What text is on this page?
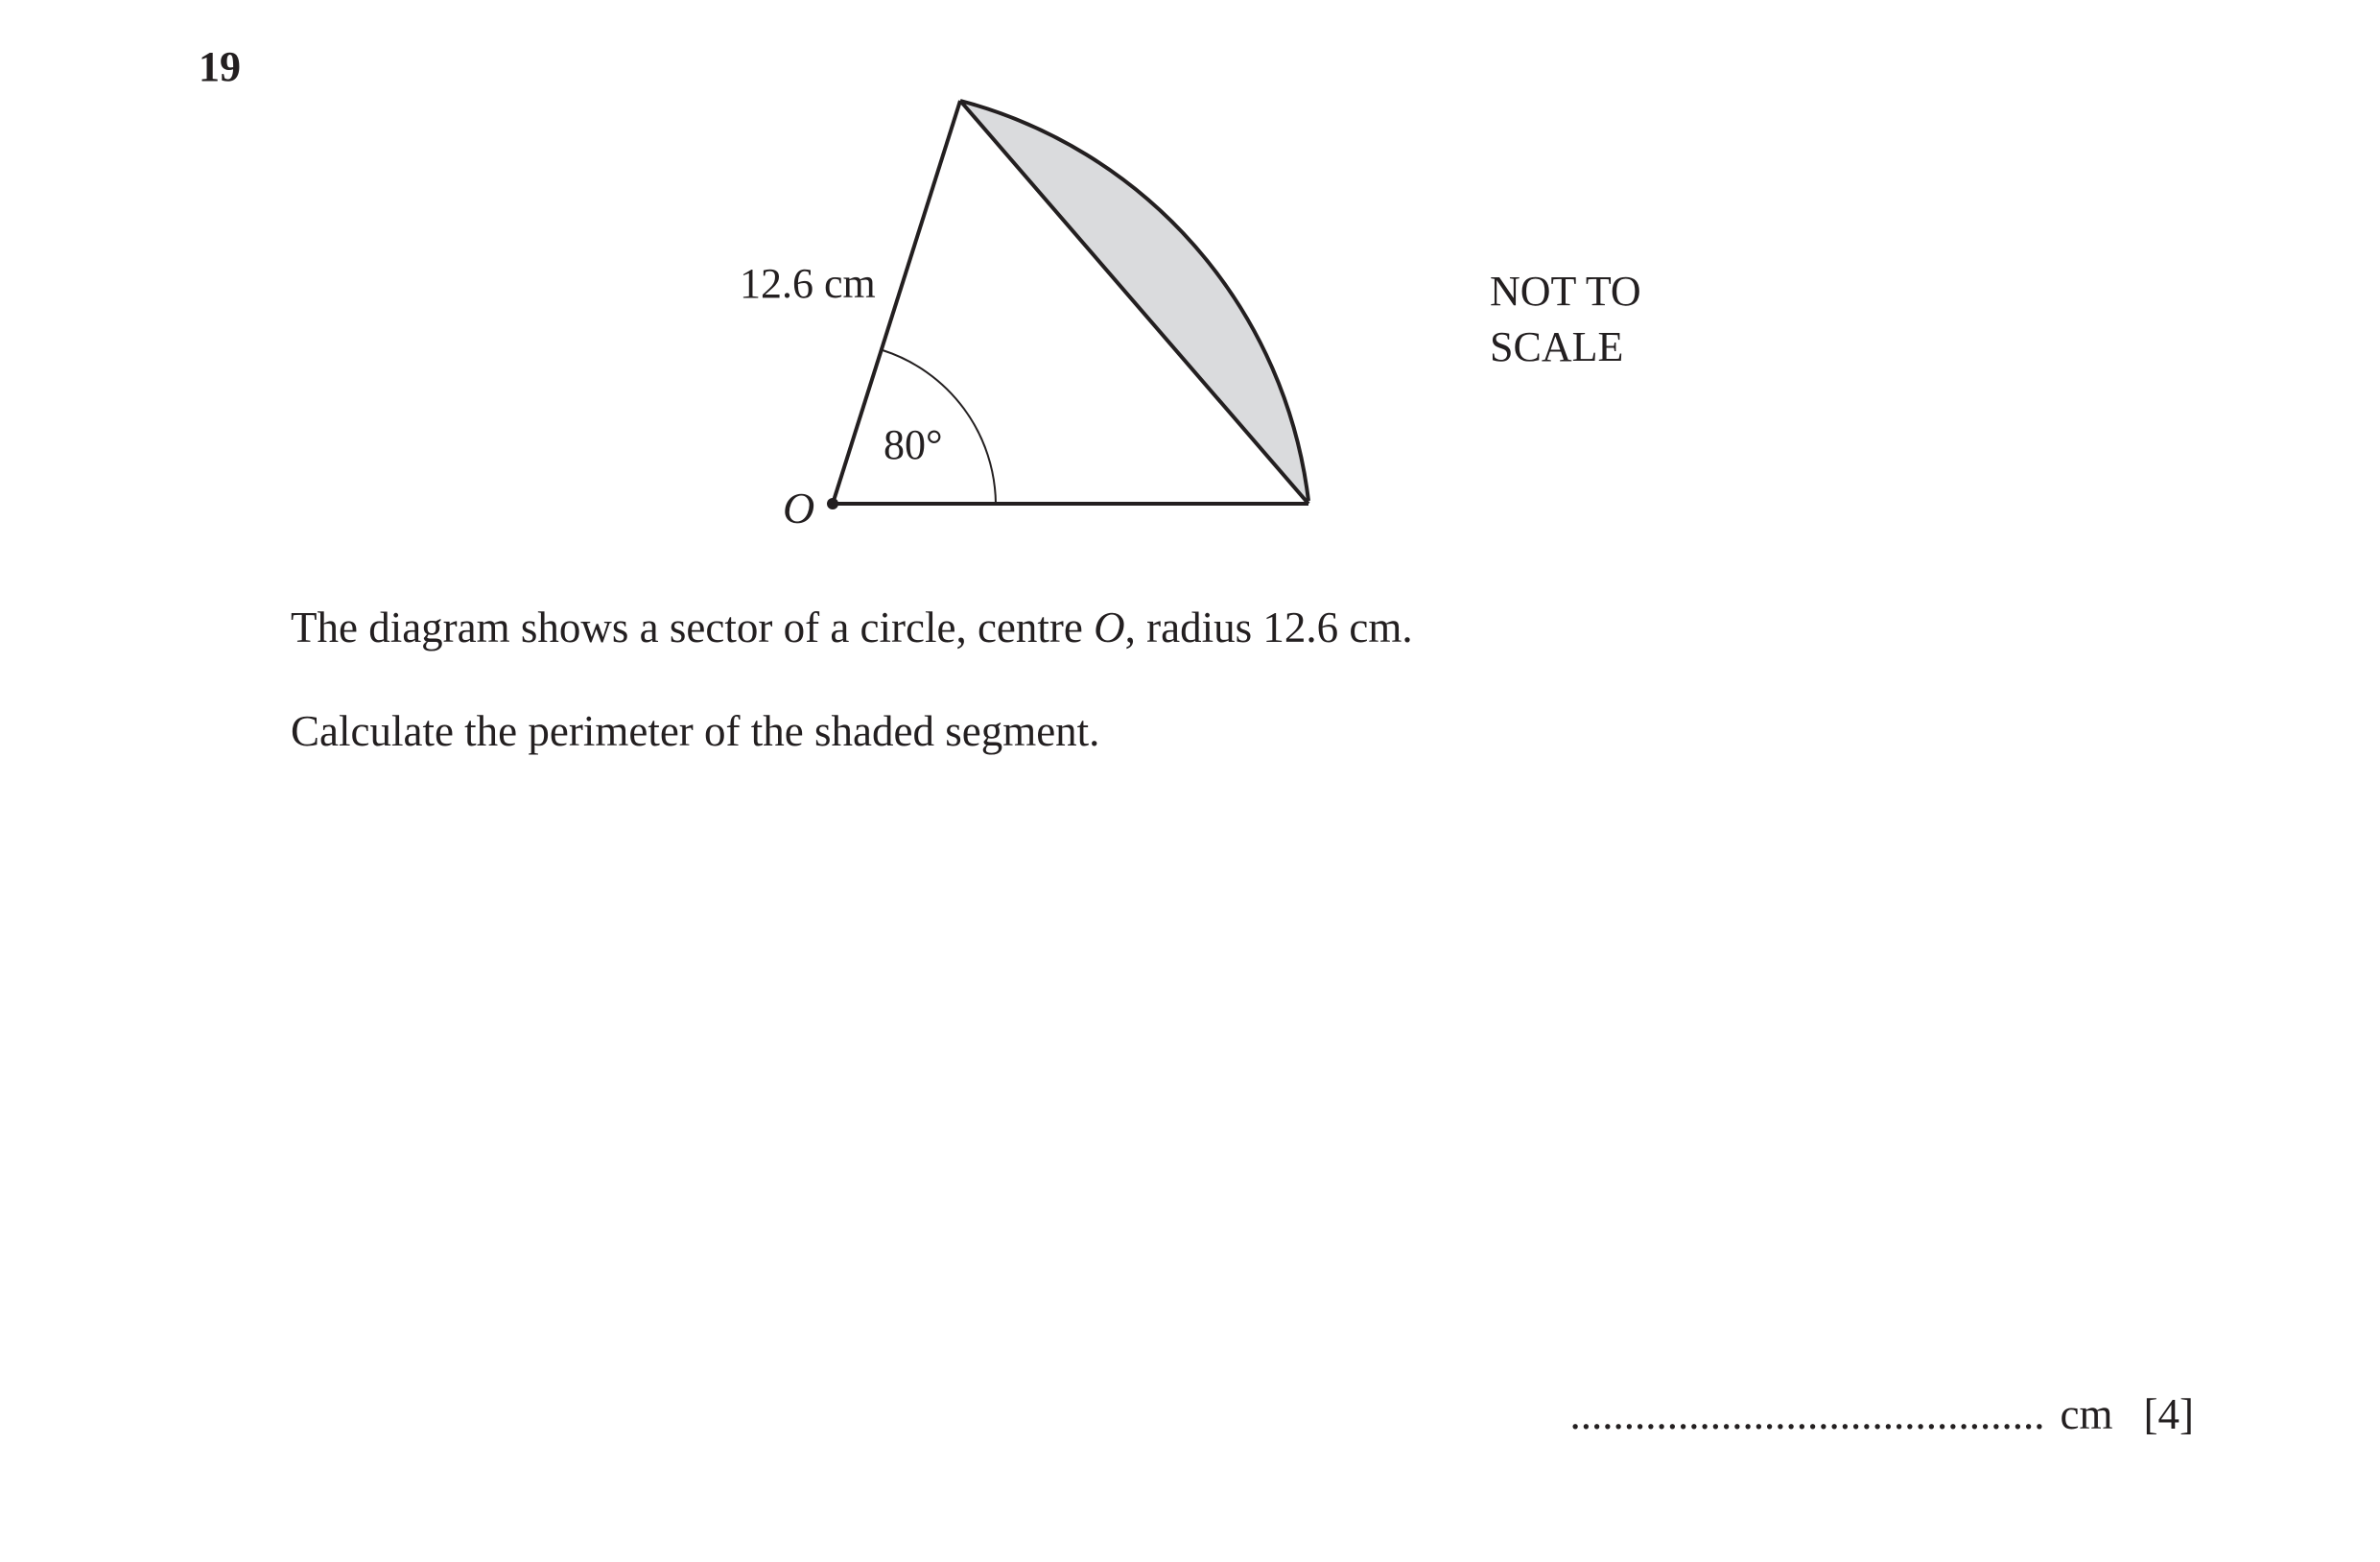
19
12.6 cm
80°
O
NOT TO
SCALE
The diagram shows a sector of a circle, centre O, radius 12.6 cm.
Calculate the perimeter of the shaded segment.
............................................ cm [4]
